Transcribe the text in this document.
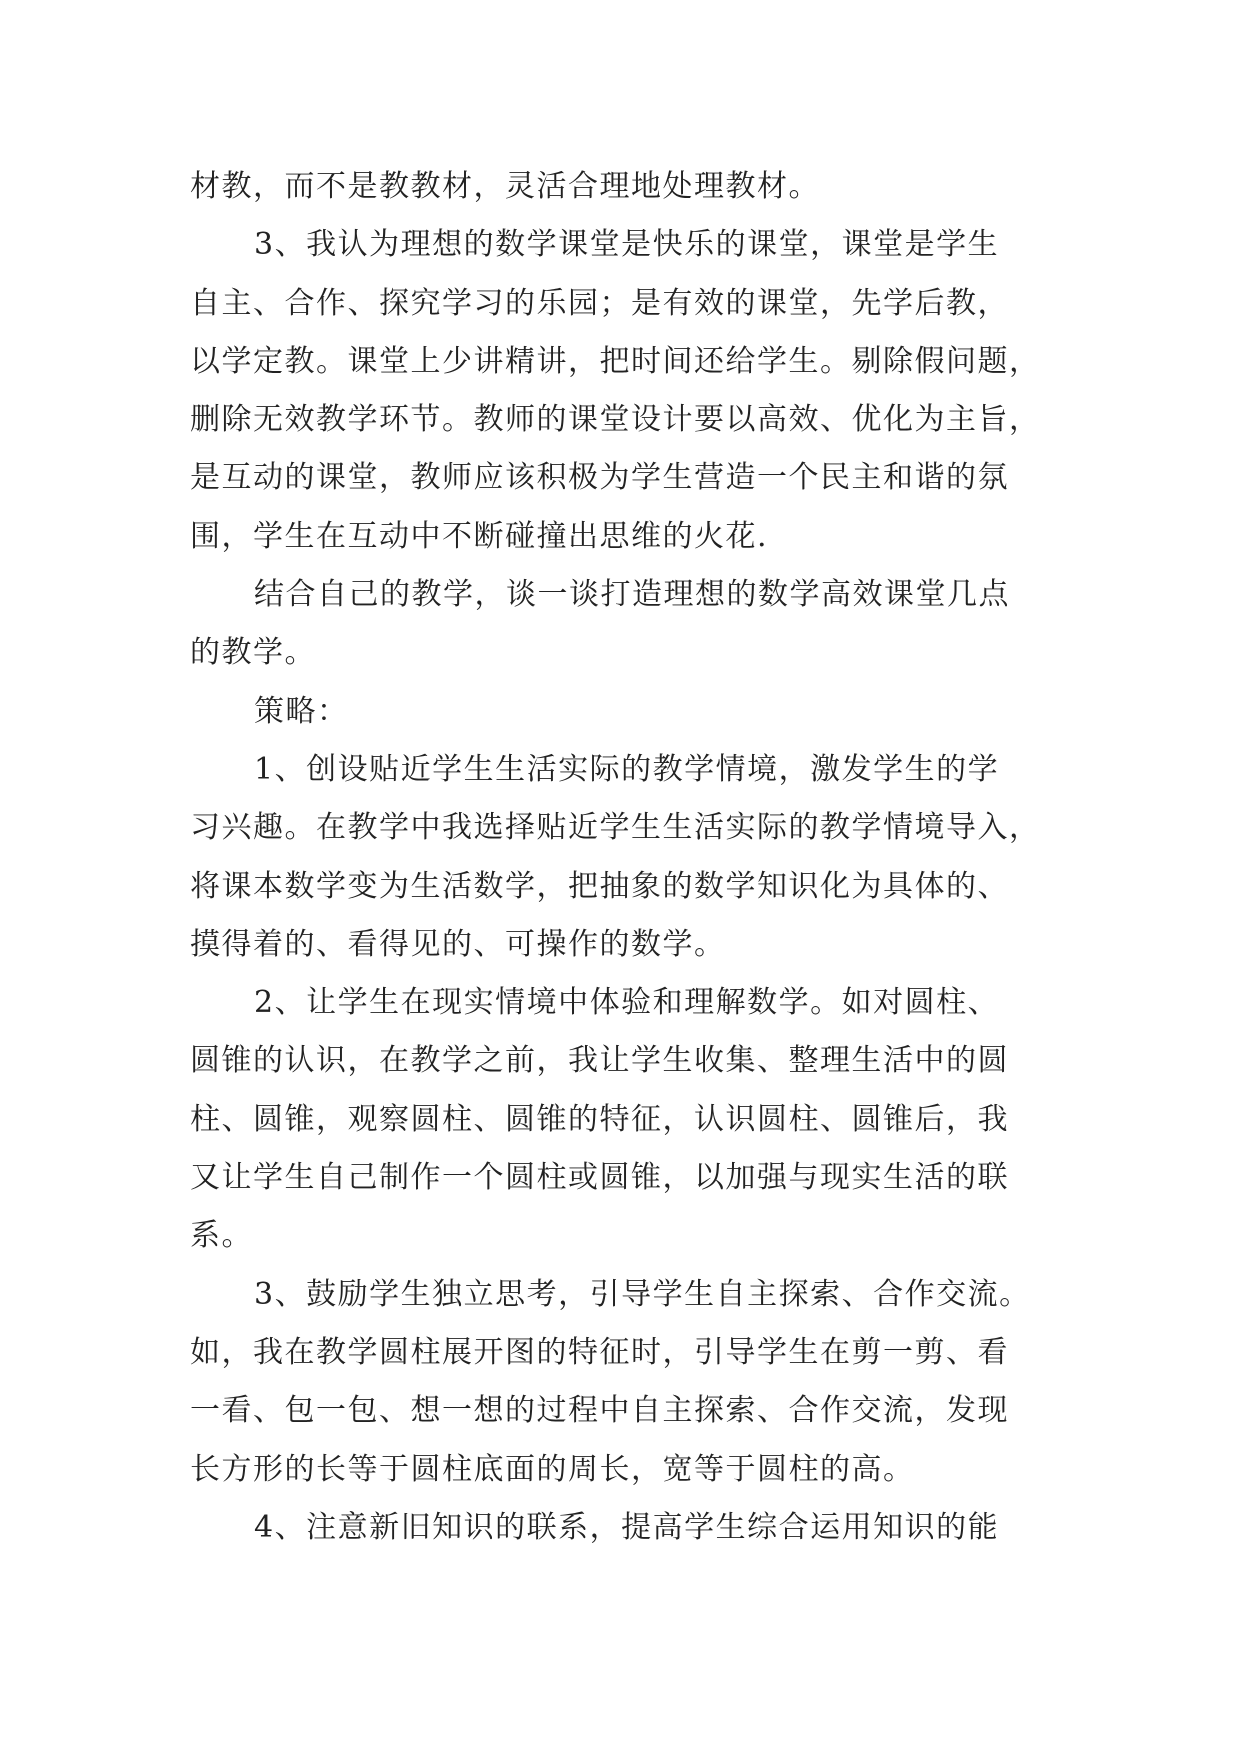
材教，而不是教教材，灵活合理地处理教材。
3、我认为理想的数学课堂是快乐的课堂，课堂是学生
自主、合作、探究学习的乐园；是有效的课堂，先学后教，
以学定教。课堂上少讲精讲，把时间还给学生。剔除假问题，
删除无效教学环节。教师的课堂设计要以高效、优化为主旨，
是互动的课堂，教师应该积极为学生营造一个民主和谐的氛
围，学生在互动中不断碰撞出思维的火花.
结合自己的教学，谈一谈打造理想的数学高效课堂几点
的教学。
策略：
1、创设贴近学生生活实际的教学情境，激发学生的学
习兴趣。在教学中我选择贴近学生生活实际的教学情境导入，
将课本数学变为生活数学，把抽象的数学知识化为具体的、
摸得着的、看得见的、可操作的数学。
2、让学生在现实情境中体验和理解数学。如对圆柱、
圆锥的认识，在教学之前，我让学生收集、整理生活中的圆
柱、圆锥，观察圆柱、圆锥的特征，认识圆柱、圆锥后，我
又让学生自己制作一个圆柱或圆锥，以加强与现实生活的联
系。
3、鼓励学生独立思考，引导学生自主探索、合作交流。
如，我在教学圆柱展开图的特征时，引导学生在剪一剪、看
一看、包一包、想一想的过程中自主探索、合作交流，发现
长方形的长等于圆柱底面的周长，宽等于圆柱的高。
4、注意新旧知识的联系，提高学生综合运用知识的能
